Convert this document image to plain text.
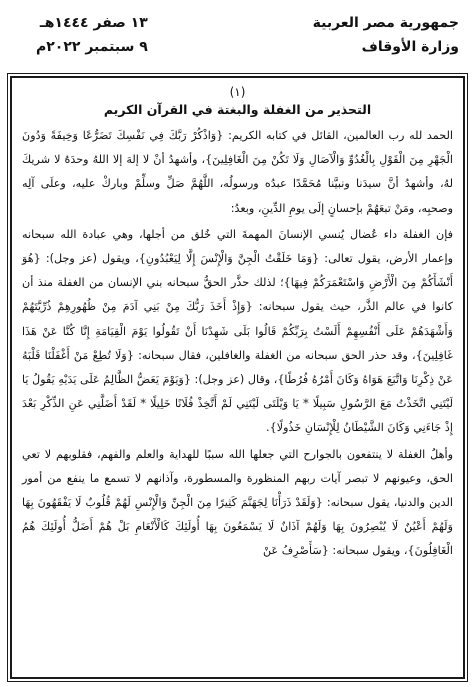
جمهورية مصر العربية
وزارة الأوقاف
١٣ صفر ١٤٤٤هـ
٩ سبتمبر ٢٠٢٢م
(١)
التحذير من الغفلة والبغتة في القرآن الكريم

الحمد لله رب العالمين، القائل في كتابه الكريم: {وَاذْكُرْ رَبَّكَ فِي نَفْسِكَ تَضَرُّعًا وَخِيفَةً وَدُونَ الْجَهْرِ مِنَ الْقَوْلِ بِالْغُدُوِّ وَالْآصَالِ وَلَا تَكُنْ مِنَ الْغَافِلِينَ}، وأشهدُ أنْ لا إلهَ إلا اللهُ وحدَهُ لا شريكَ لهُ، وأشهدُ أنَّ سيدَنا ونبيَّنا مُحَمَّدًا عبدُه ورسولُه، اللَّهُمَّ صَلِّ وسلِّمْ وباركْ عليه، وعلَى آلِه وصحبِه، ومَنْ تبعَهُمْ بإحسانٍ إلَى يومِ الدِّينِ، وبعدُ:

فإن الغفلة داء عُضال يُنسي الإنسانَ المهمةَ التي خُلق من أجلها، وهي عبادة الله سبحانه وإعمار الأرض، يقول تعالى: {وَمَا خَلَقْتُ الْجِنَّ وَالْإِنْسَ إِلَّا لِيَعْبُدُونِ}، ويقول (عز وجل): {هُوَ أَنْشَأَكُمْ مِنَ الْأَرْضِ وَاسْتَعْمَرَكُمْ فِيهَا}؛ لذلك حذَّر الحقُّ سبحانه بني الإنسان من الغفلة منذ أن كانوا في عالم الذَّر، حيث يقول سبحانه: {وَإِذْ أَخَذَ رَبُّكَ مِنْ بَنِي آدَمَ مِنْ ظُهُورِهِمْ ذُرِّيَّتَهُمْ وَأَشْهَدَهُمْ عَلَى أَنْفُسِهِمْ أَلَسْتُ بِرَبِّكُمْ قَالُوا بَلَى شَهِدْنَا أَنْ تَقُولُوا يَوْمَ الْقِيَامَةِ إِنَّا كُنَّا عَنْ هَذَا غَافِلِينَ}، وقد حذر الحق سبحانه من الغفلة والغافلين، فقال سبحانه: {وَلَا تُطِعْ مَنْ أَغْفَلْنَا قَلْبَهُ عَنْ ذِكْرِنَا وَاتَّبَعَ هَوَاهُ وَكَانَ أَمْرُهُ فُرُطًا}، وقال (عز وجل): {وَيَوْمَ يَعَضُّ الظَّالِمُ عَلَى يَدَيْهِ يَقُولُ يَا لَيْتَنِي اتَّخَذْتُ مَعَ الرَّسُولِ سَبِيلًا * يَا وَيْلَتَى لَيْتَنِي لَمْ أَتَّخِذْ فُلَانًا خَلِيلًا * لَقَدْ أَضَلَّنِي عَنِ الذِّكْرِ بَعْدَ إِذْ جَاءَنِي وَكَانَ الشَّيْطَانُ لِلْإِنْسَانِ خَذُولًا}.

وأهلُ الغفلة لا ينتفعون بالجوارح التي جعلها الله سببًا للهداية والعلم والفهم، فقلوبهم لا تعي الحق، وعيونهم لا تبصر آيات ربهم المنظورة والمسطورة، وآذانهم لا تسمع ما ينفع من أمور الدين والدنيا، يقول سبحانه: {وَلَقَدْ ذَرَأْنَا لِجَهَنَّمَ كَثِيرًا مِنَ الْجِنِّ وَالْإِنْسِ لَهُمْ قُلُوبٌ لَا يَفْقَهُونَ بِهَا وَلَهُمْ أَعْيُنٌ لَا يُبْصِرُونَ بِهَا وَلَهُمْ آذَانٌ لَا يَسْمَعُونَ بِهَا أُولَئِكَ كَالْأَنْعَامِ بَلْ هُمْ أَضَلُّ أُولَئِكَ هُمُ الْغَافِلُونَ}، ويقول سبحانه: {سَأَصْرِفُ عَنْ
